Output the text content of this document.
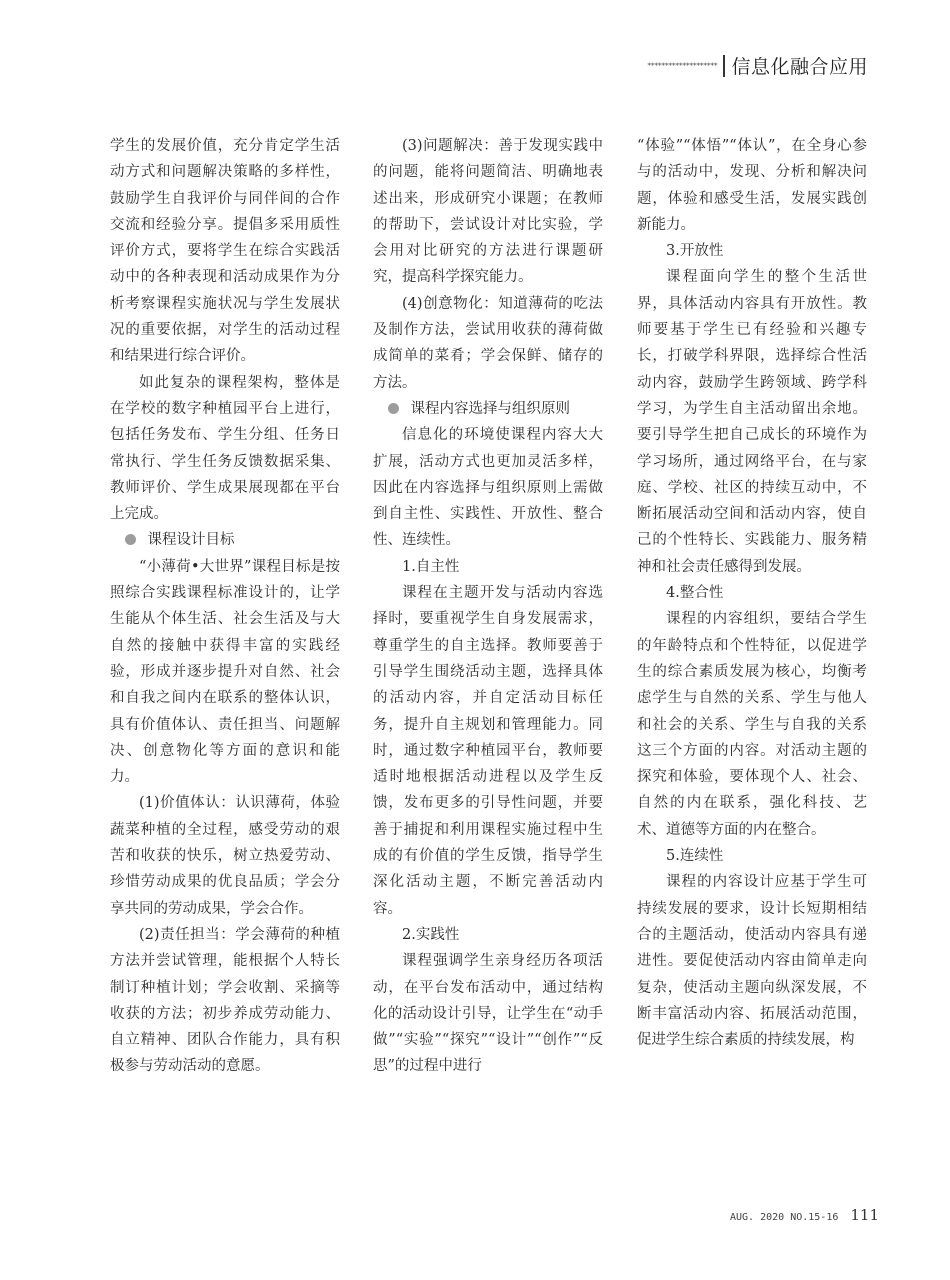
******************** 信息化融合应用

学生的发展价值，充分肯定学生活动方式和问题解决策略的多样性，鼓励学生自我评价与同伴间的合作交流和经验分享。提倡多采用质性评价方式，要将学生在综合实践活动中的各种表现和活动成果作为分析考察课程实施状况与学生发展状况的重要依据，对学生的活动过程和结果进行综合评价。

如此复杂的课程架构，整体是在学校的数字种植园平台上进行，包括任务发布、学生分组、任务日常执行、学生任务反馈数据采集、教师评价、学生成果展现都在平台上完成。

课程设计目标

“小薄荷•大世界”课程目标是按照综合实践课程标准设计的，让学生能从个体生活、社会生活及与大自然的接触中获得丰富的实践经验，形成并逐步提升对自然、社会和自我之间内在联系的整体认识，具有价值体认、责任担当、问题解决、创意物化等方面的意识和能力。

(1)价值体认：认识薄荷，体验蔬菜种植的全过程，感受劳动的艰苦和收获的快乐，树立热爱劳动、珍惜劳动成果的优良品质；学会分享共同的劳动成果，学会合作。

(2)责任担当：学会薄荷的种植方法并尝试管理，能根据个人特长制订种植计划；学会收割、采摘等收获的方法；初步养成劳动能力、自立精神、团队合作能力，具有积极参与劳动活动的意愿。

(3)问题解决：善于发现实践中的问题，能将问题简洁、明确地表述出来，形成研究小课题；在教师的帮助下，尝试设计对比实验，学会用对比研究的方法进行课题研究，提高科学探究能力。

(4)创意物化：知道薄荷的吃法及制作方法，尝试用收获的薄荷做成简单的菜肴；学会保鲜、储存的方法。

课程内容选择与组织原则

信息化的环境使课程内容大大扩展，活动方式也更加灵活多样，因此在内容选择与组织原则上需做到自主性、实践性、开放性、整合性、连续性。

1.自主性

课程在主题开发与活动内容选择时，要重视学生自身发展需求，尊重学生的自主选择。教师要善于引导学生围绕活动主题，选择具体的活动内容，并自定活动目标任务，提升自主规划和管理能力。同时，通过数字种植园平台，教师要适时地根据活动进程以及学生反馈，发布更多的引导性问题，并要善于捕捉和利用课程实施过程中生成的有价值的学生反馈，指导学生深化活动主题，不断完善活动内容。

2.实践性

课程强调学生亲身经历各项活动，在平台发布活动中，通过结构化的活动设计引导，让学生在“动手做”“实验”“探究”“设计”“创作”“反思”的过程中进行

“体验”“体悟”“体认”，在全身心参与的活动中，发现、分析和解决问题，体验和感受生活，发展实践创新能力。

3.开放性

课程面向学生的整个生活世界，具体活动内容具有开放性。教师要基于学生已有经验和兴趣专长，打破学科界限，选择综合性活动内容，鼓励学生跨领域、跨学科学习，为学生自主活动留出余地。要引导学生把自己成长的环境作为学习场所，通过网络平台，在与家庭、学校、社区的持续互动中，不断拓展活动空间和活动内容，使自己的个性特长、实践能力、服务精神和社会责任感得到发展。

4.整合性

课程的内容组织，要结合学生的年龄特点和个性特征，以促进学生的综合素质发展为核心，均衡考虑学生与自然的关系、学生与他人和社会的关系、学生与自我的关系这三个方面的内容。对活动主题的探究和体验，要体现个人、社会、自然的内在联系，强化科技、艺术、道德等方面的内在整合。

5.连续性

课程的内容设计应基于学生可持续发展的要求，设计长短期相结合的主题活动，使活动内容具有递进性。要促使活动内容由简单走向复杂，使活动主题向纵深发展，不断丰富活动内容、拓展活动范围，促进学生综合素质的持续发展，构

AUG. 2020 NO.15-16 111
